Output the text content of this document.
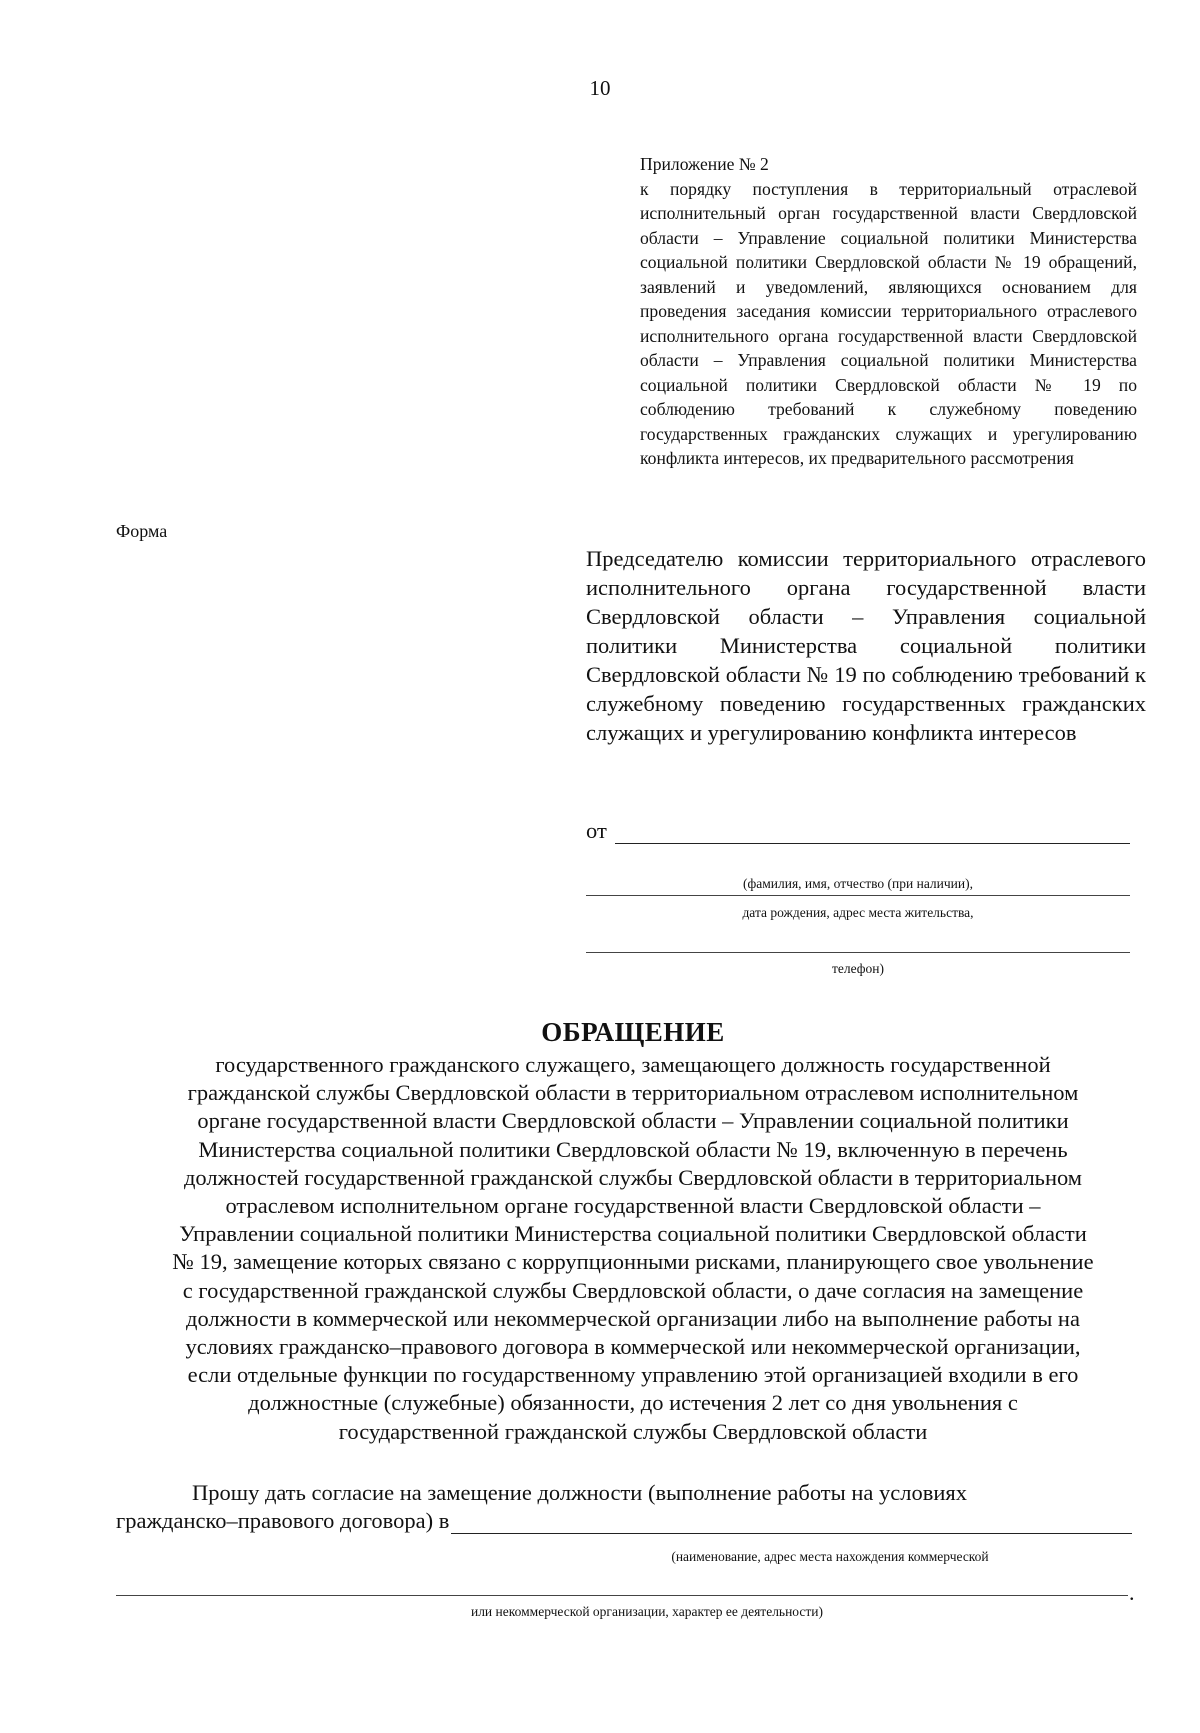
10
Приложение № 2
к порядку поступления в территориальный отраслевой исполнительный орган государственной власти Свердловской области – Управление социальной политики Министерства социальной политики Свердловской области № 19 обращений, заявлений и уведомлений, являющихся основанием для проведения заседания комиссии территориального отраслевого исполнительного органа государственной власти Свердловской области – Управления социальной политики Министерства социальной политики Свердловской области № 19 по соблюдению требований к служебному поведению государственных гражданских служащих и урегулированию конфликта интересов, их предварительного рассмотрения
Форма
Председателю комиссии территориального отраслевого исполнительного органа государственной власти Свердловской области – Управления социальной политики Министерства социальной политики Свердловской области № 19 по соблюдению требований к служебному поведению государственных гражданских служащих и урегулированию конфликта интересов
от
(фамилия, имя, отчество (при наличии),
дата рождения, адрес места жительства,
телефон)
ОБРАЩЕНИЕ
государственного гражданского служащего, замещающего должность государственной
гражданской службы Свердловской области в территориальном отраслевом исполнительном
органе государственной власти Свердловской области – Управлении социальной политики
Министерства социальной политики Свердловской области № 19, включенную в перечень
должностей государственной гражданской службы Свердловской области в территориальном
отраслевом исполнительном органе государственной власти Свердловской области –
Управлении социальной политики Министерства социальной политики Свердловской области
№ 19, замещение которых связано с коррупционными рисками, планирующего свое увольнение
с государственной гражданской службы Свердловской области, о даче согласия на замещение
должности в коммерческой или некоммерческой организации либо на выполнение работы на
условиях гражданско–правового договора в коммерческой или некоммерческой организации,
если отдельные функции по государственному управлению этой организацией входили в его
должностные (служебные) обязанности, до истечения 2 лет со дня увольнения с
государственной гражданской службы Свердловской области
Прошу дать согласие на замещение должности (выполнение работы на условиях
гражданско–правового договора) в
(наименование, адрес места нахождения коммерческой
.
или некоммерческой организации, характер ее деятельности)
